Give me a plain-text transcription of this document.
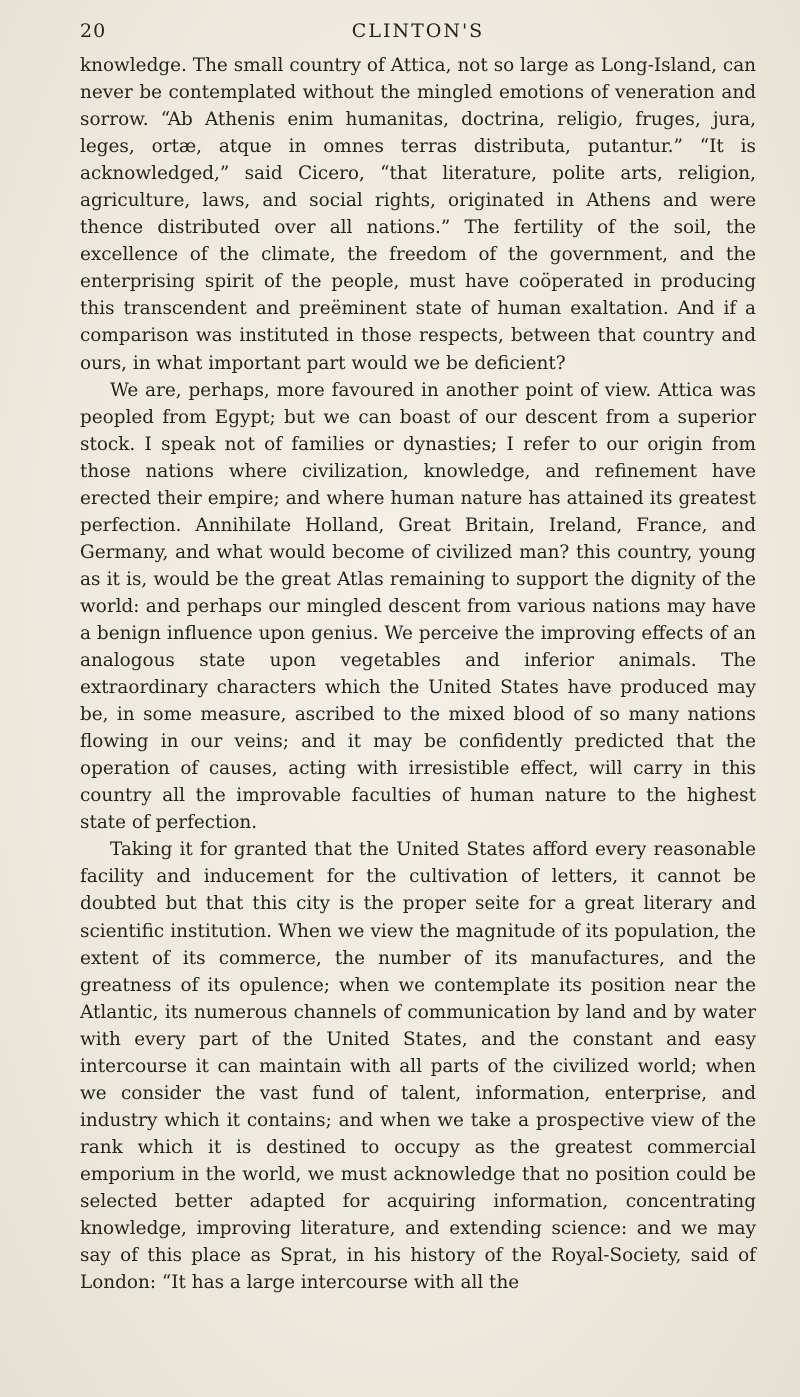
20	CLINTON'S

knowledge. The small country of Attica, not so large as Long-Island, can never be contemplated without the mingled emotions of veneration and sorrow. “Ab Athenis enim humanitas, doctrina, religio, fruges, jura, leges, ortæ, atque in omnes terras distributa, putantur.” “It is acknowledged,” said Cicero, “that literature, polite arts, religion, agriculture, laws, and social rights, originated in Athens and were thence distributed over all nations.” The fertility of the soil, the excellence of the climate, the freedom of the government, and the enterprising spirit of the people, must have coöperated in producing this transcendent and preëminent state of human exaltation. And if a comparison was instituted in those respects, between that country and ours, in what important part would we be deficient?

We are, perhaps, more favoured in another point of view. Attica was peopled from Egypt; but we can boast of our descent from a superior stock. I speak not of families or dynasties; I refer to our origin from those nations where civilization, knowledge, and refinement have erected their empire; and where human nature has attained its greatest perfection. Annihilate Holland, Great Britain, Ireland, France, and Germany, and what would become of civilized man? this country, young as it is, would be the great Atlas remaining to support the dignity of the world: and perhaps our mingled descent from various nations may have a benign influence upon genius. We perceive the improving effects of an analogous state upon vegetables and inferior animals. The extraordinary characters which the United States have produced may be, in some measure, ascribed to the mixed blood of so many nations flowing in our veins; and it may be confidently predicted that the operation of causes, acting with irresistible effect, will carry in this country all the improvable faculties of human nature to the highest state of perfection.

Taking it for granted that the United States afford every reasonable facility and inducement for the cultivation of letters, it cannot be doubted but that this city is the proper seite for a great literary and scientific institution. When we view the magnitude of its population, the extent of its commerce, the number of its manufactures, and the greatness of its opulence; when we contemplate its position near the Atlantic, its numerous channels of communication by land and by water with every part of the United States, and the constant and easy intercourse it can maintain with all parts of the civilized world; when we consider the vast fund of talent, information, enterprise, and industry which it contains; and when we take a prospective view of the rank which it is destined to occupy as the greatest commercial emporium in the world, we must acknowledge that no position could be selected better adapted for acquiring information, concentrating knowledge, improving literature, and extending science: and we may say of this place as Sprat, in his history of the Royal-Society, said of London: “It has a large intercourse with all the
